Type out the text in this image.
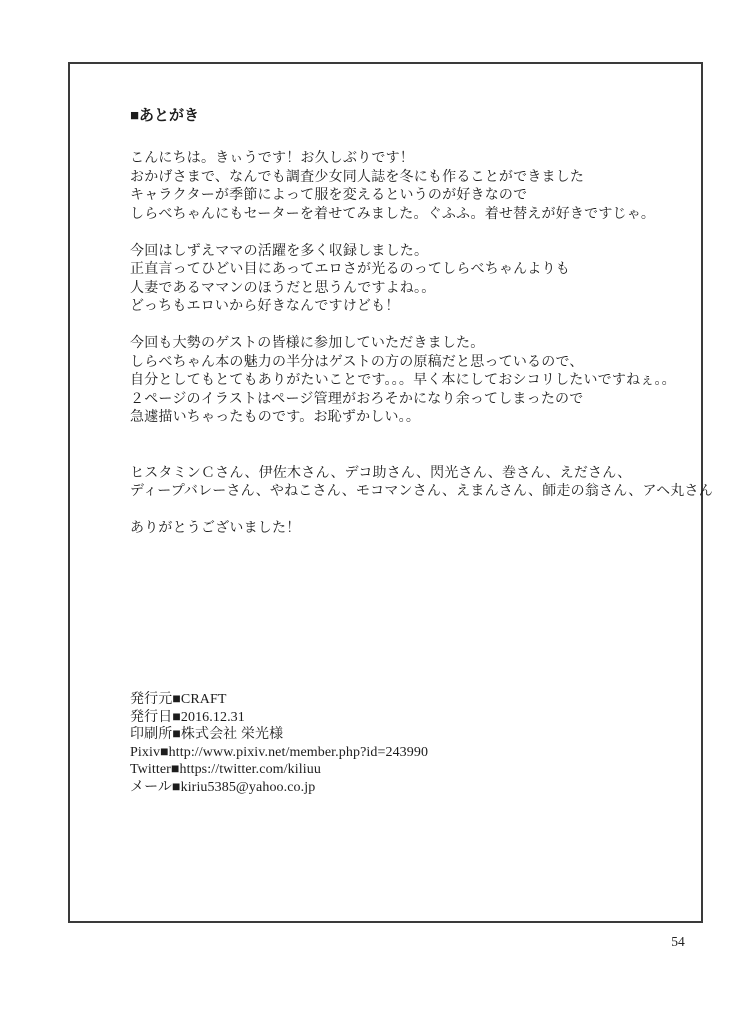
■あとがき
こんにちは。きぃうです！お久しぶりです！
おかげさまで、なんでも調査少女同人誌を冬にも作ることができました
キャラクターが季節によって服を変えるというのが好きなので
しらべちゃんにもセーターを着せてみました。ぐふふ。着せ替えが好きですじゃ。
今回はしずえママの活躍を多く収録しました。
正直言ってひどい目にあってエロさが光るのってしらべちゃんよりも
人妻であるママンのほうだと思うんですよね。。
どっちもエロいから好きなんですけども！
今回も大勢のゲストの皆様に参加していただきました。
しらべちゃん本の魅力の半分はゲストの方の原稿だと思っているので、
自分としてもとてもありがたいことです。。。早く本にしておシコリしたいですねぇ。。
２ページのイラストはページ管理がおろそかになり余ってしまったので
急遽描いちゃったものです。お恥ずかしい。。
ヒスタミンＣさん、伊佐木さん、デコ助さん、閃光さん、巻さん、えださん、
ディープバレーさん、やねこさん、モコマンさん、えまんさん、師走の翁さん、アヘ丸さん
ありがとうございました！
発行元■CRAFT
発行日■2016.12.31
印刷所■株式会社 栄光様
Pixiv■http://www.pixiv.net/member.php?id=243990
Twitter■https://twitter.com/kiliuu
メール■kiriu5385@yahoo.co.jp
54
